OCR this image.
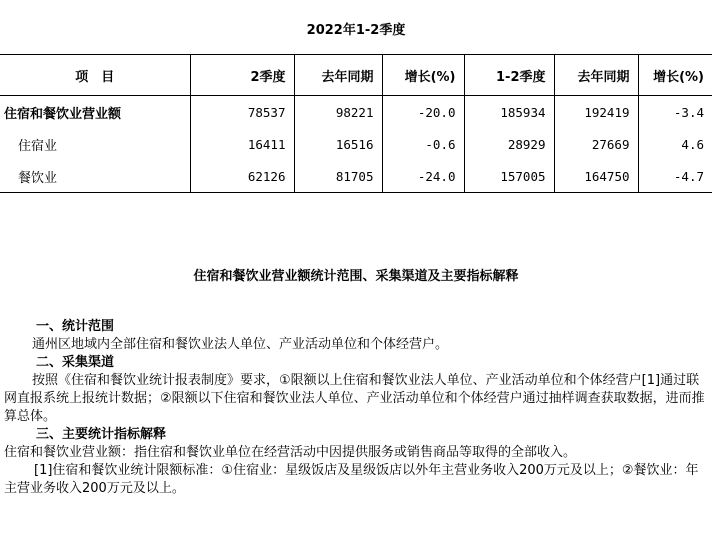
2022年1-2季度
项　目	2季度	去年同期	增长(%)	1-2季度	去年同期	增长(%)
住宿和餐饮业营业额	78537	98221	-20.0	185934	192419	-3.4
住宿业	16411	16516	-0.6	28929	27669	4.6
餐饮业	62126	81705	-24.0	157005	164750	-4.7
住宿和餐饮业营业额统计范围、采集渠道及主要指标解释
一、统计范围
通州区地域内全部住宿和餐饮业法人单位、产业活动单位和个体经营户。
二、采集渠道
按照《住宿和餐饮业统计报表制度》要求，①限额以上住宿和餐饮业法人单位、产业活动单位和个体经营户[1]通过联网直报系统上报统计数据；②限额以下住宿和餐饮业法人单位、产业活动单位和个体经营户通过抽样调查获取数据，进而推算总体。
三、主要统计指标解释
住宿和餐饮业营业额：指住宿和餐饮业单位在经营活动中因提供服务或销售商品等取得的全部收入。
[1]住宿和餐饮业统计限额标准：①住宿业：星级饭店及星级饭店以外年主营业务收入200万元及以上；②餐饮业：年主营业务收入200万元及以上。
